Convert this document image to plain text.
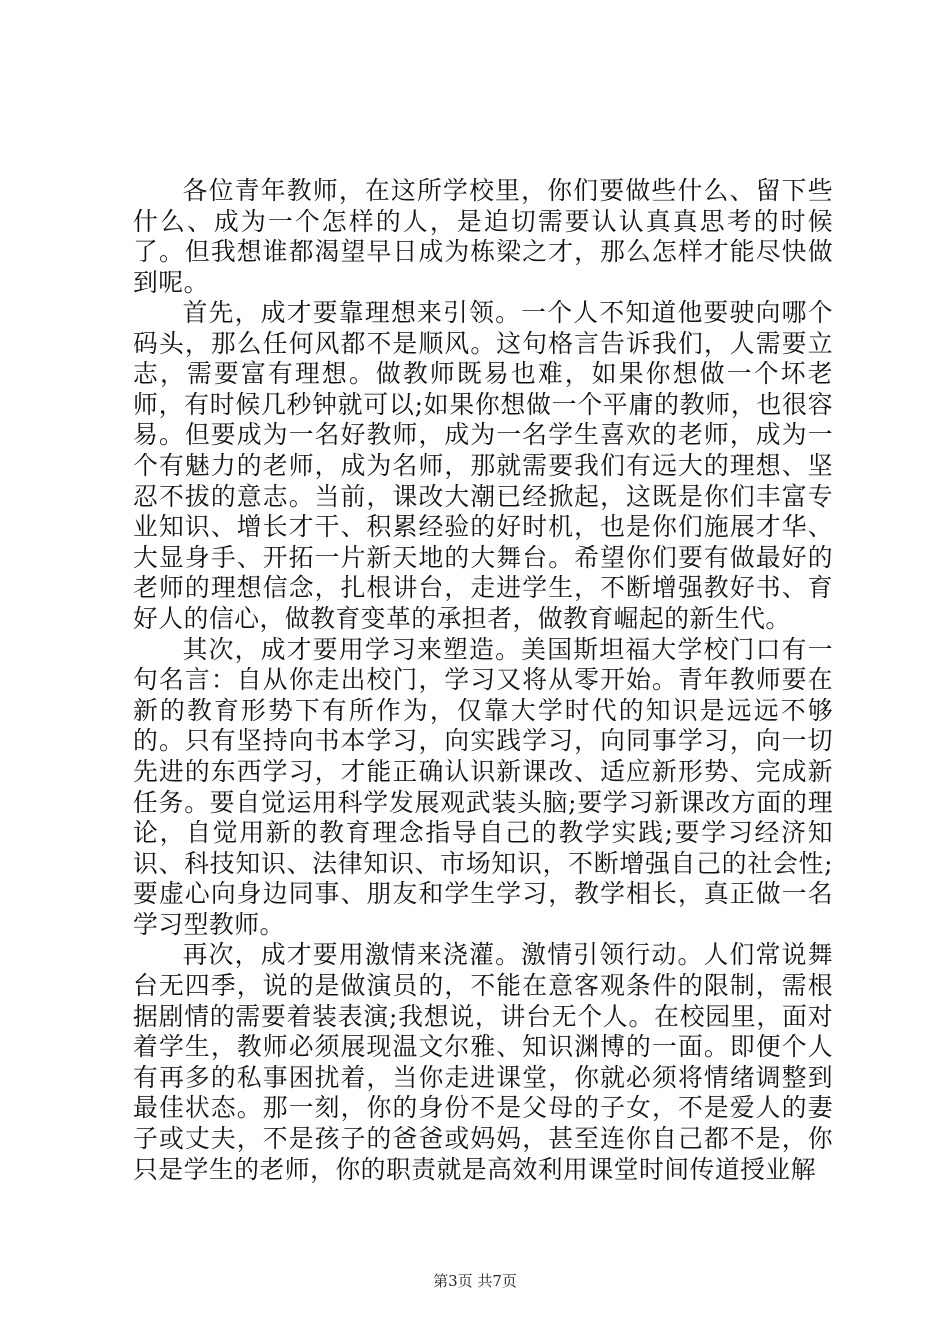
各位青年教师，在这所学校里，你们要做些什么、留下些什么、成为一个怎样的人，是迫切需要认认真真思考的时候了。但我想谁都渴望早日成为栋梁之才，那么怎样才能尽快做到呢。

首先，成才要靠理想来引领。一个人不知道他要驶向哪个码头，那么任何风都不是顺风。这句格言告诉我们，人需要立志，需要富有理想。做教师既易也难，如果你想做一个坏老师，有时候几秒钟就可以;如果你想做一个平庸的教师，也很容易。但要成为一名好教师，成为一名学生喜欢的老师，成为一个有魅力的老师，成为名师，那就需要我们有远大的理想、坚忍不拔的意志。当前，课改大潮已经掀起，这既是你们丰富专业知识、增长才干、积累经验的好时机，也是你们施展才华、大显身手、开拓一片新天地的大舞台。希望你们要有做最好的老师的理想信念，扎根讲台，走进学生，不断增强教好书、育好人的信心，做教育变革的承担者，做教育崛起的新生代。

其次，成才要用学习来塑造。美国斯坦福大学校门口有一句名言：自从你走出校门，学习又将从零开始。青年教师要在新的教育形势下有所作为，仅靠大学时代的知识是远远不够的。只有坚持向书本学习，向实践学习，向同事学习，向一切先进的东西学习，才能正确认识新课改、适应新形势、完成新任务。要自觉运用科学发展观武装头脑;要学习新课改方面的理论，自觉用新的教育理念指导自己的教学实践;要学习经济知识、科技知识、法律知识、市场知识，不断增强自己的社会性;要虚心向身边同事、朋友和学生学习，教学相长，真正做一名学习型教师。

再次，成才要用激情来浇灌。激情引领行动。人们常说舞台无四季，说的是做演员的，不能在意客观条件的限制，需根据剧情的需要着装表演;我想说，讲台无个人。在校园里，面对着学生，教师必须展现温文尔雅、知识渊博的一面。即便个人有再多的私事困扰着，当你走进课堂，你就必须将情绪调整到最佳状态。那一刻，你的身份不是父母的子女，不是爱人的妻子或丈夫，不是孩子的爸爸或妈妈，甚至连你自己都不是，你只是学生的老师，你的职责就是高效利用课堂时间传道授业解

第3页 共7页
